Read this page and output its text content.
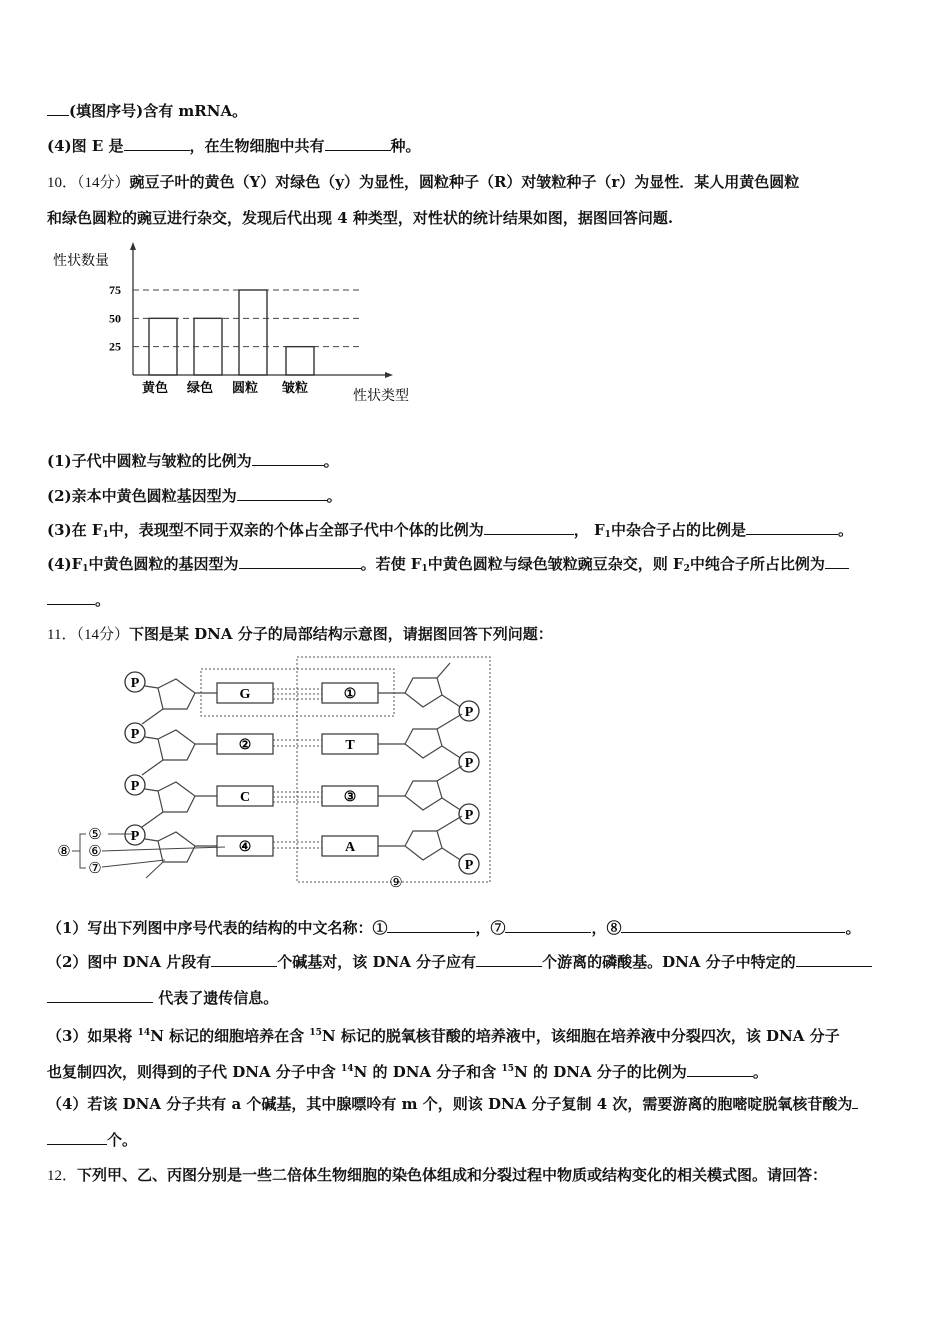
(填图序号)含有 mRNA。
(4)图 E 是	，在生物细胞中共有	种。
10．（14分）豌豆子叶的黄色（Y）对绿色（y）为显性，圆粒种子（R）对皱粒种子（r）为显性．某人用黄色圆粒
和绿色圆粒的豌豆进行杂交，发现后代出现 4 种类型，对性状的统计结果如图，据图回答问题.
性状数量
25
50
75
黄色 绿色 圆粒 皱粒
性状类型
(1)子代中圆粒与皱粒的比例为	。
(2)亲本中黄色圆粒基因型为	。
(3)在 $F_1$中，表现型不同于双亲的个体占全部子代中个体的比例为	， $F_1$中杂合子占的比例是	。
$(4)F_1$中黄色圆粒的基因型为	。若使 $F_1$中黄色圆粒与绿色皱粒豌豆杂交，则 $F_2$中纯合子所占比例为
。
11．（14分）下图是某 DNA 分子的局部结构示意图，请据图回答下列问题：
G	①
P
P
②	T
P
P
C	③
P
P
④	A
P
P
⑤
⑥
⑦
⑧
⑨
（1）写出下列图中序号代表的结构的中文名称：①	，⑦	，⑧	。
（2）图中 DNA 片段有	个碱基对，该 DNA 分子应有	个游离的磷酸基。DNA 分子中特定的
代表了遗传信息。
（3）如果将 $^{14}$N 标记的细胞培养在含 $^{15}$N 标记的脱氧核苷酸的培养液中，该细胞在培养液中分裂四次，该 DNA 分子
也复制四次，则得到的子代 DNA 分子中含 $^{14}$N 的 DNA 分子和含 $^{15}$N 的 DNA 分子的比例为	。
（4）若该 DNA 分子共有 a 个碱基，其中腺嘌呤有 m 个，则该 DNA 分子复制 4 次，需要游离的胞嘧啶脱氧核苷酸为
个。
12．下列甲、乙、丙图分别是一些二倍体生物细胞的染色体组成和分裂过程中物质或结构变化的相关模式图。请回答：
